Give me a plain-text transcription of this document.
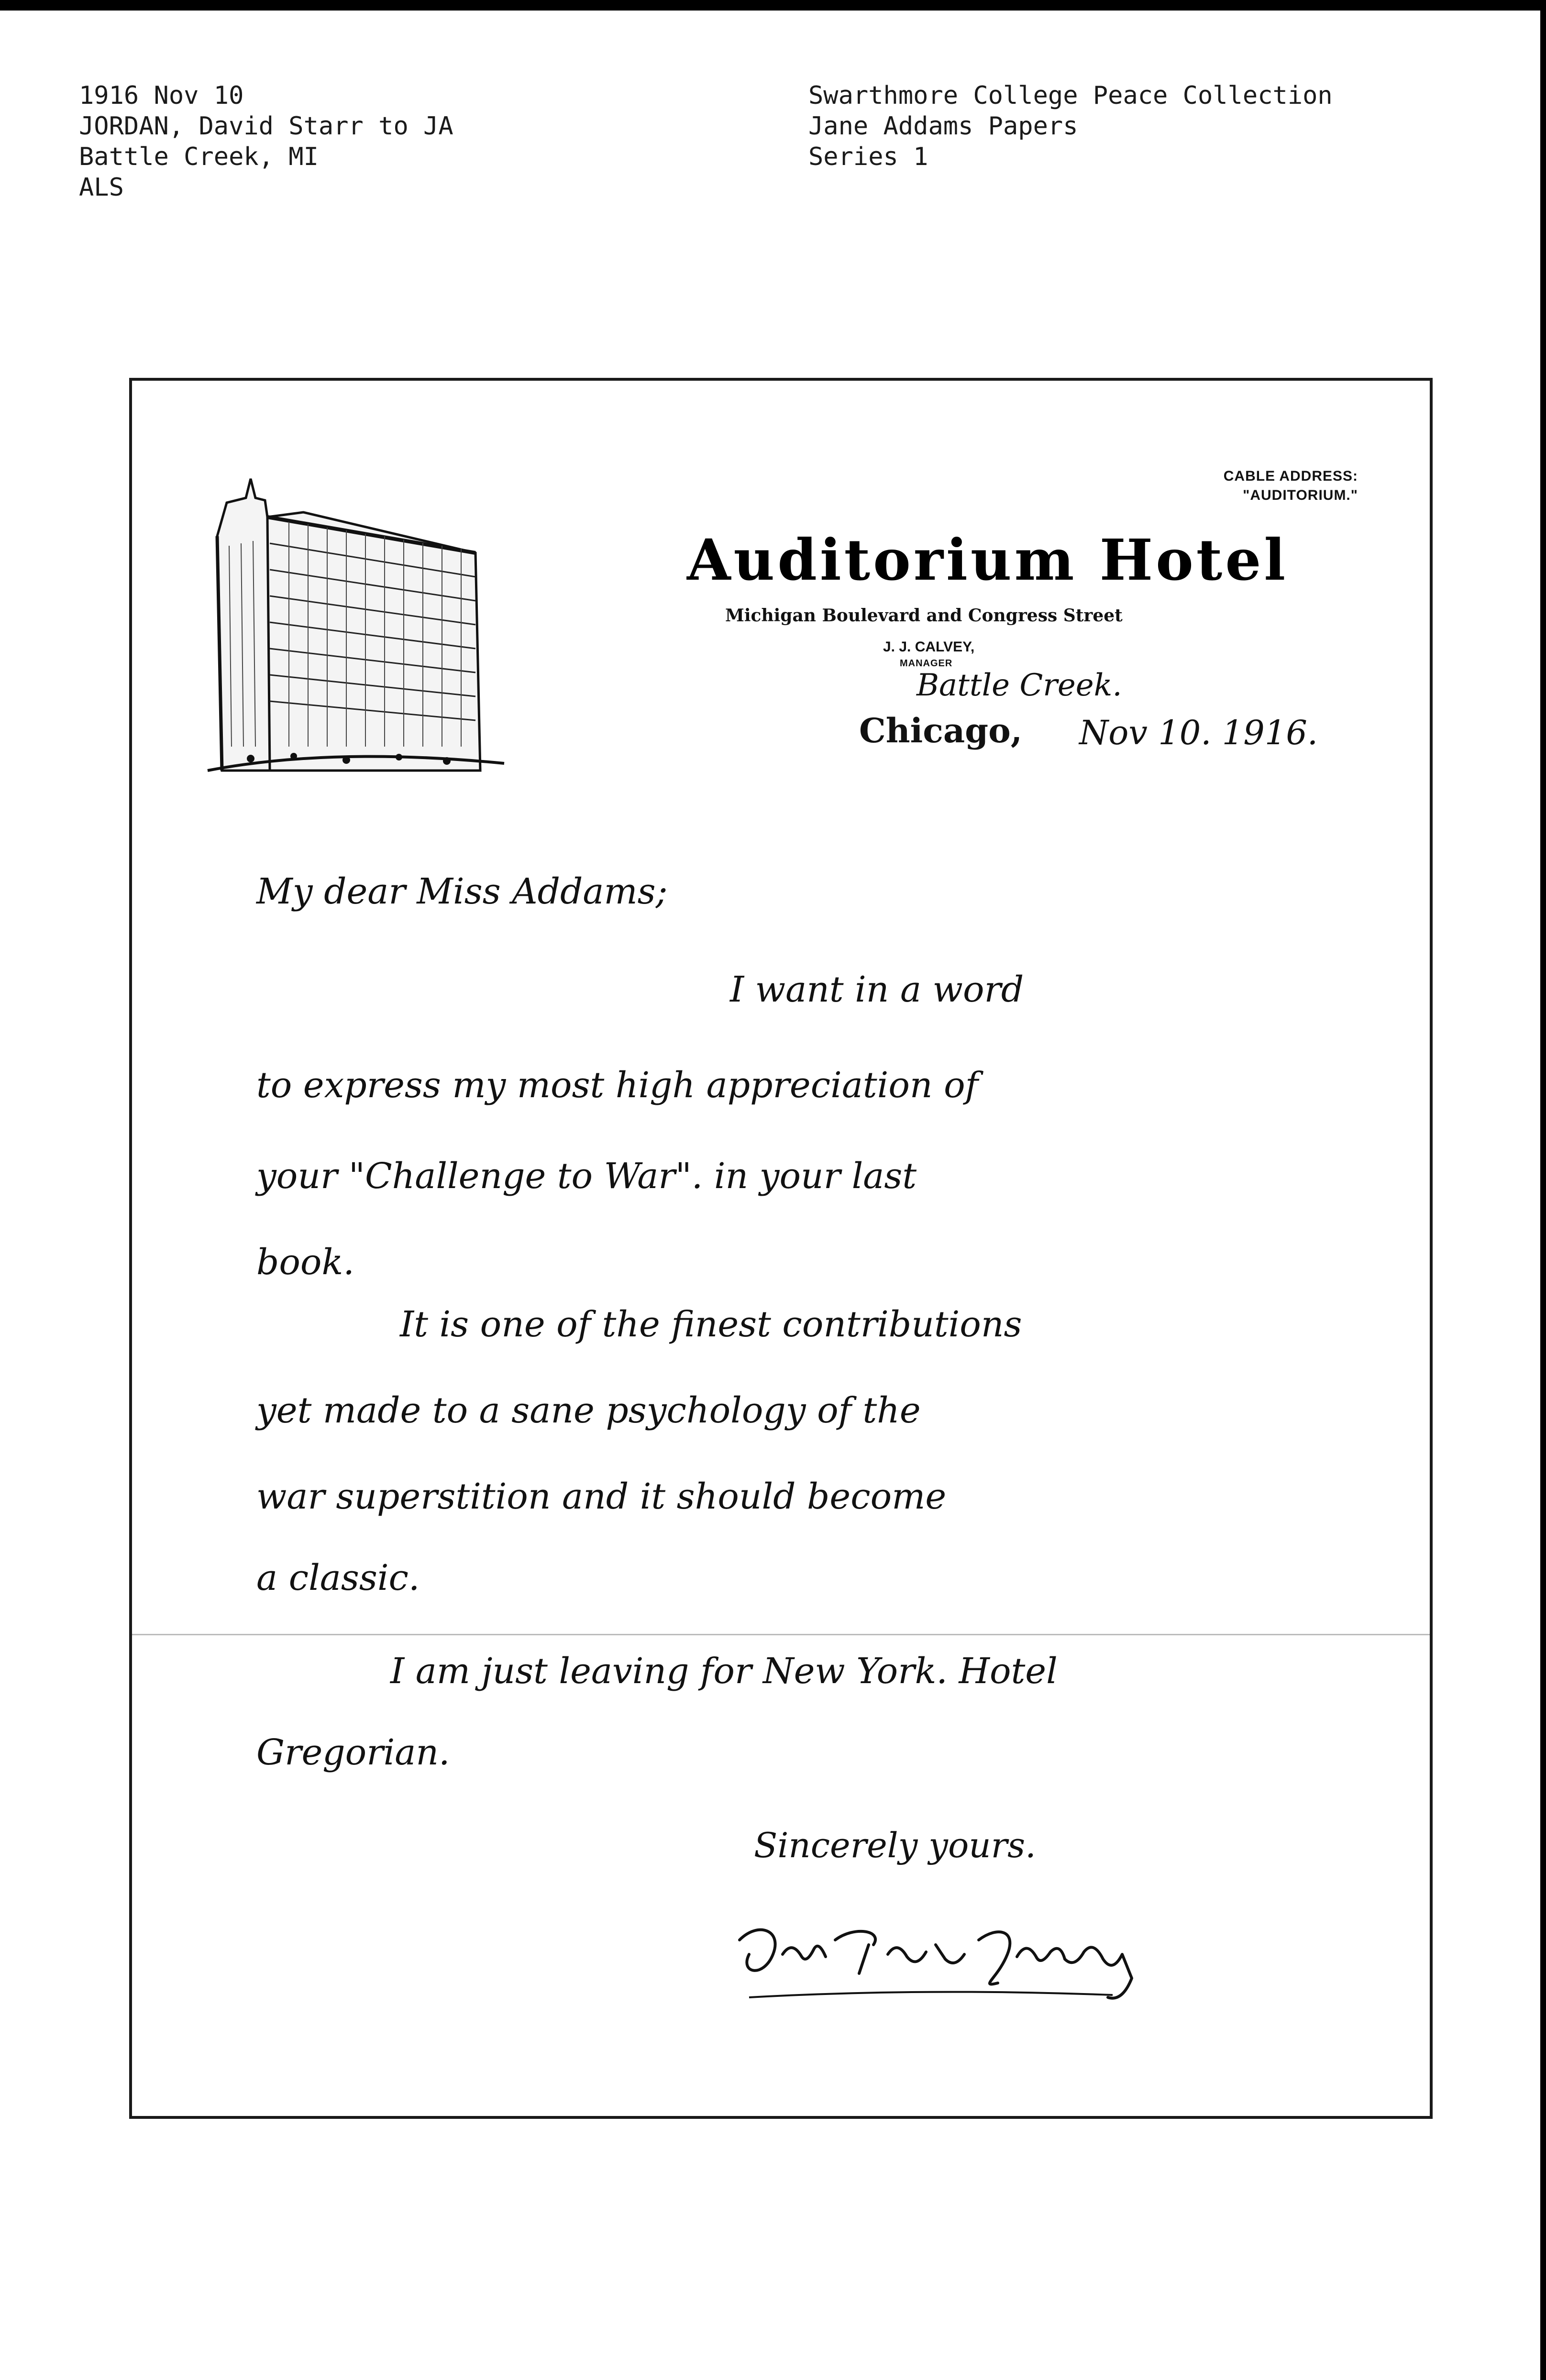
1916 Nov 10
JORDAN, David Starr to JA
Battle Creek, MI
ALS
Swarthmore College Peace Collection
Jane Addams Papers
Series 1
CABLE ADDRESS:
"AUDITORIUM."
Auditorium Hotel
Michigan Boulevard and Congress Street
J. J. CALVEY,
MANAGER
Chicago,
Battle Creek.
Nov 10. 1916.
My dear Miss Addams;
I want in a word
to express my most high appreciation of
your "Challenge to War". in your last
book.
It is one of the finest contributions
yet made to a sane psychology of the
war superstition and it should become
a classic.
I am just leaving for New York. Hotel
Gregorian.
Sincerely yours.
David Starr Jordan
